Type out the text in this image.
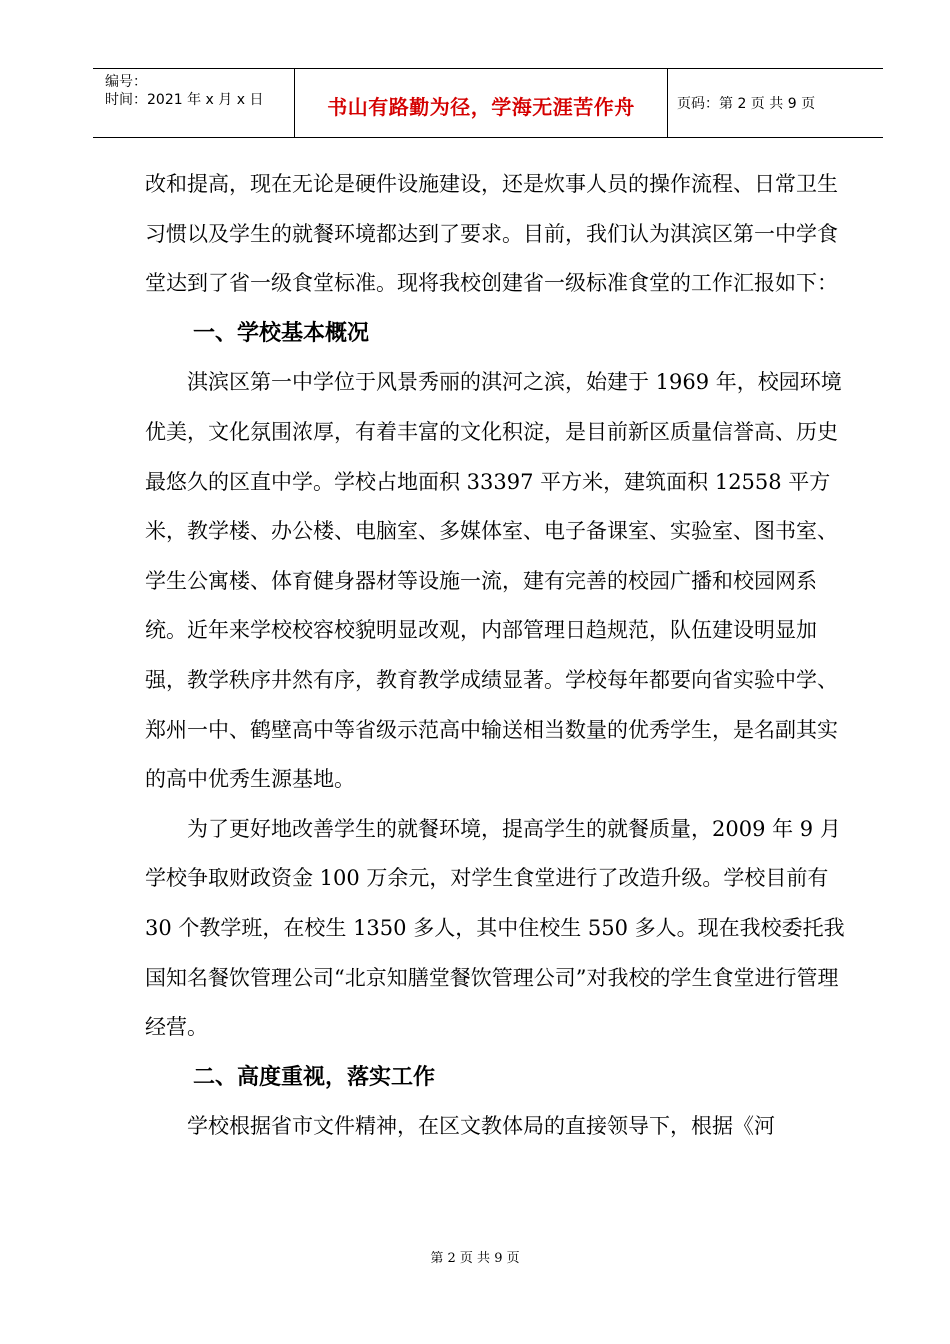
编号：
时间：2021 年 x 月 x 日	书山有路勤为径，学海无涯苦作舟	页码：第 2 页 共 9 页

改和提高，现在无论是硬件设施建设，还是炊事人员的操作流程、日常卫生习惯以及学生的就餐环境都达到了要求。目前，我们认为淇滨区第一中学食堂达到了省一级食堂标准。现将我校创建省一级标准食堂的工作汇报如下：

一、学校基本概况

淇滨区第一中学位于风景秀丽的淇河之滨，始建于 1969 年，校园环境优美，文化氛围浓厚，有着丰富的文化积淀，是目前新区质量信誉高、历史最悠久的区直中学。学校占地面积 33397 平方米，建筑面积 12558 平方米，教学楼、办公楼、电脑室、多媒体室、电子备课室、实验室、图书室、学生公寓楼、体育健身器材等设施一流，建有完善的校园广播和校园网系统。近年来学校校容校貌明显改观，内部管理日趋规范，队伍建设明显加强，教学秩序井然有序，教育教学成绩显著。学校每年都要向省实验中学、郑州一中、鹤壁高中等省级示范高中输送相当数量的优秀学生，是名副其实的高中优秀生源基地。

为了更好地改善学生的就餐环境，提高学生的就餐质量，2009 年 9 月学校争取财政资金 100 万余元，对学生食堂进行了改造升级。学校目前有 30 个教学班，在校生 1350 多人，其中住校生 550 多人。现在我校委托我国知名餐饮管理公司“北京知膳堂餐饮管理公司”对我校的学生食堂进行管理经营。

二、高度重视，落实工作

学校根据省市文件精神，在区文教体局的直接领导下，根据《河

第 2 页 共 9 页
